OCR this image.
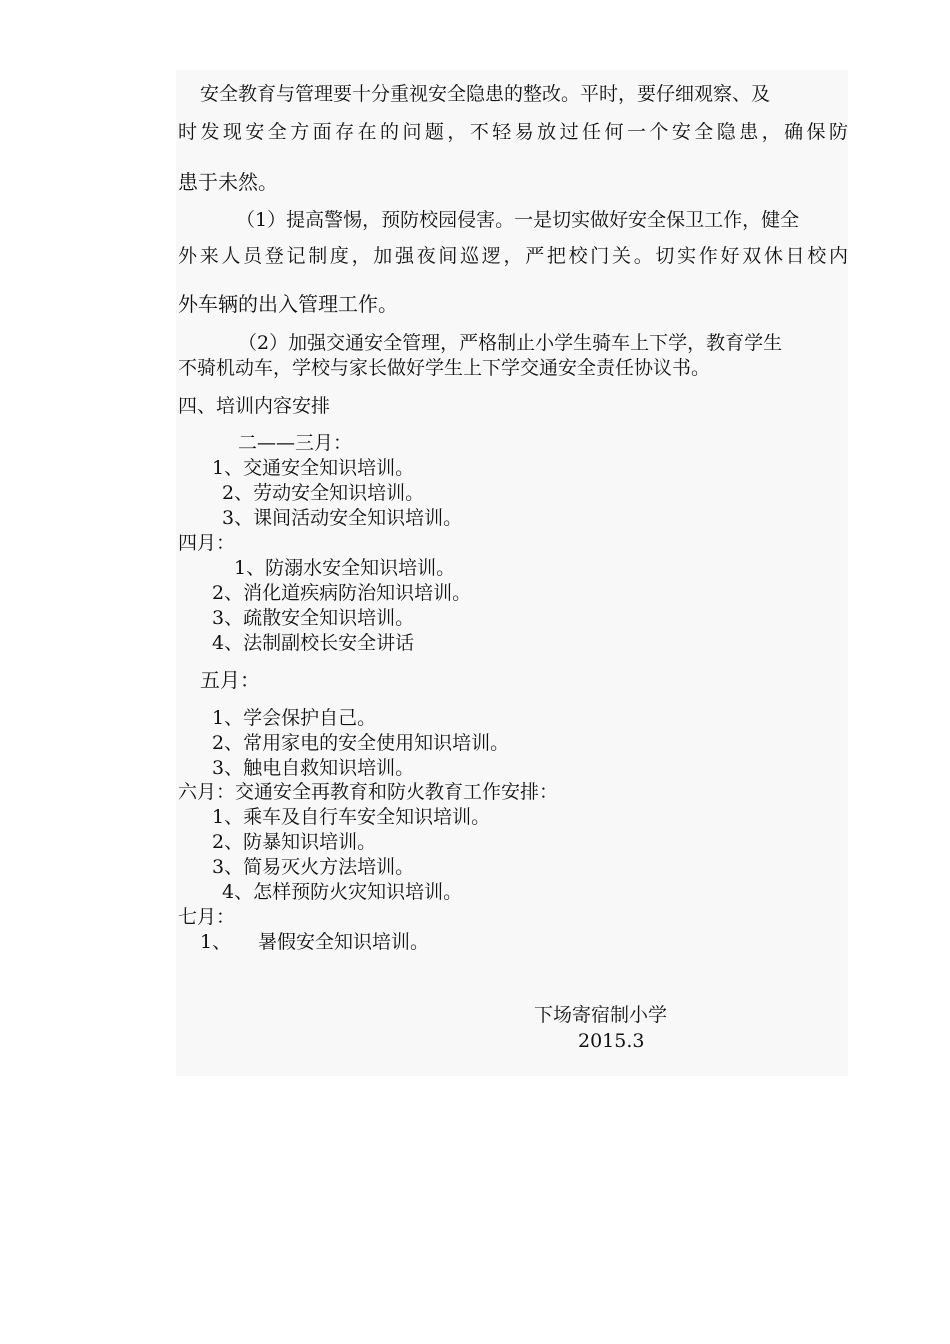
安全教育与管理要十分重视安全隐患的整改。平时，要仔细观察、及
时发现安全方面存在的问题，不轻易放过任何一个安全隐患，确保防
患于未然。
（1）提高警惕，预防校园侵害。一是切实做好安全保卫工作，健全
外来人员登记制度，加强夜间巡逻，严把校门关。切实作好双休日校内
外车辆的出入管理工作。
（2）加强交通安全管理，严格制止小学生骑车上下学，教育学生
不骑机动车，学校与家长做好学生上下学交通安全责任协议书。
四、培训内容安排
二——三月：
1、交通安全知识培训。
2、劳动安全知识培训。
3、课间活动安全知识培训。
四月：
1、防溺水安全知识培训。
2、消化道疾病防治知识培训。
3、疏散安全知识培训。
4、法制副校长安全讲话
五月：
1、学会保护自己。
2、常用家电的安全使用知识培训。
3、触电自救知识培训。
六月：交通安全再教育和防火教育工作安排：
1、乘车及自行车安全知识培训。
2、防暴知识培训。
3、简易灭火方法培训。
4、怎样预防火灾知识培训。
七月：
1、 暑假安全知识培训。
下场寄宿制小学
2015.3
